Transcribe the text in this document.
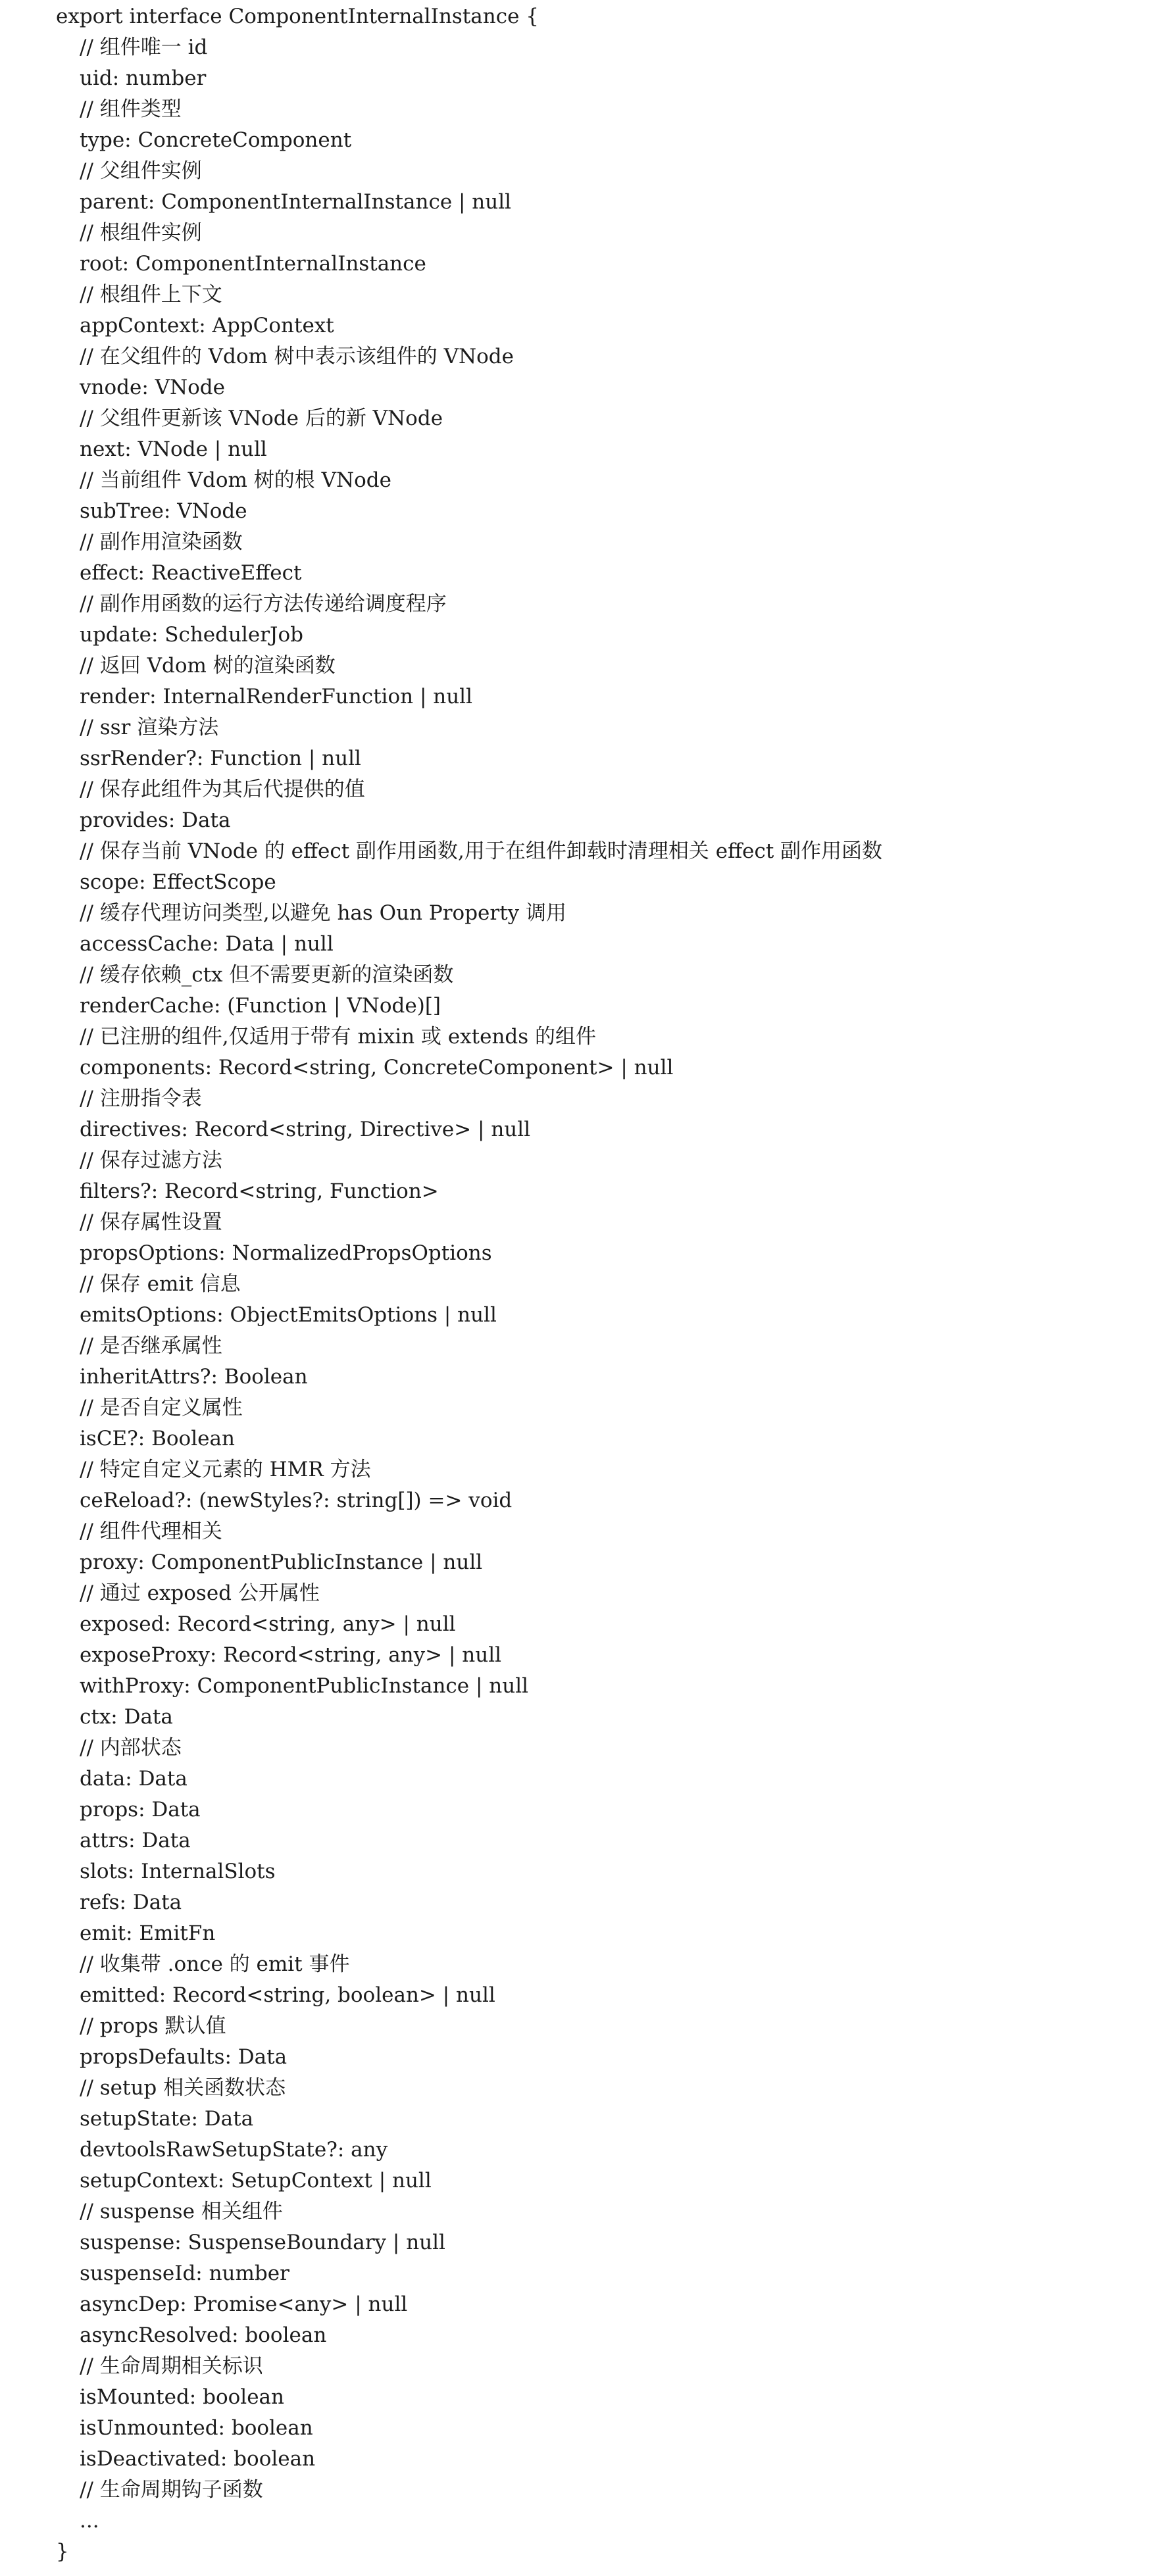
export interface ComponentInternalInstance {
// 组件唯一 id
uid: number
// 组件类型
type: ConcreteComponent
// 父组件实例
parent: ComponentInternalInstance | null
// 根组件实例
root: ComponentInternalInstance
// 根组件上下文
appContext: AppContext
// 在父组件的 Vdom 树中表示该组件的 VNode
vnode: VNode
// 父组件更新该 VNode 后的新 VNode
next: VNode | null
// 当前组件 Vdom 树的根 VNode
subTree: VNode
// 副作用渲染函数
effect: ReactiveEffect
// 副作用函数的运行方法传递给调度程序
update: SchedulerJob
// 返回 Vdom 树的渲染函数
render: InternalRenderFunction | null
// ssr 渲染方法
ssrRender?: Function | null
// 保存此组件为其后代提供的值
provides: Data
// 保存当前 VNode 的 effect 副作用函数,用于在组件卸载时清理相关 effect 副作用函数
scope: EffectScope
// 缓存代理访问类型,以避免 has Oun Property 调用
accessCache: Data | null
// 缓存依赖_ctx 但不需要更新的渲染函数
renderCache: (Function | VNode)[]
// 已注册的组件,仅适用于带有 mixin 或 extends 的组件
components: Record<string, ConcreteComponent> | null
// 注册指令表
directives: Record<string, Directive> | null
// 保存过滤方法
filters?: Record<string, Function>
// 保存属性设置
propsOptions: NormalizedPropsOptions
// 保存 emit 信息
emitsOptions: ObjectEmitsOptions | null
// 是否继承属性
inheritAttrs?: Boolean
// 是否自定义属性
isCE?: Boolean
// 特定自定义元素的 HMR 方法
ceReload?: (newStyles?: string[]) => void
// 组件代理相关
proxy: ComponentPublicInstance | null
// 通过 exposed 公开属性
exposed: Record<string, any> | null
exposeProxy: Record<string, any> | null
withProxy: ComponentPublicInstance | null
ctx: Data
// 内部状态
data: Data
props: Data
attrs: Data
slots: InternalSlots
refs: Data
emit: EmitFn
// 收集带 .once 的 emit 事件
emitted: Record<string, boolean> | null
// props 默认值
propsDefaults: Data
// setup 相关函数状态
setupState: Data
devtoolsRawSetupState?: any
setupContext: SetupContext | null
// suspense 相关组件
suspense: SuspenseBoundary | null
suspenseId: number
asyncDep: Promise<any> | null
asyncResolved: boolean
// 生命周期相关标识
isMounted: boolean
isUnmounted: boolean
isDeactivated: boolean
// 生命周期钩子函数
...
}
